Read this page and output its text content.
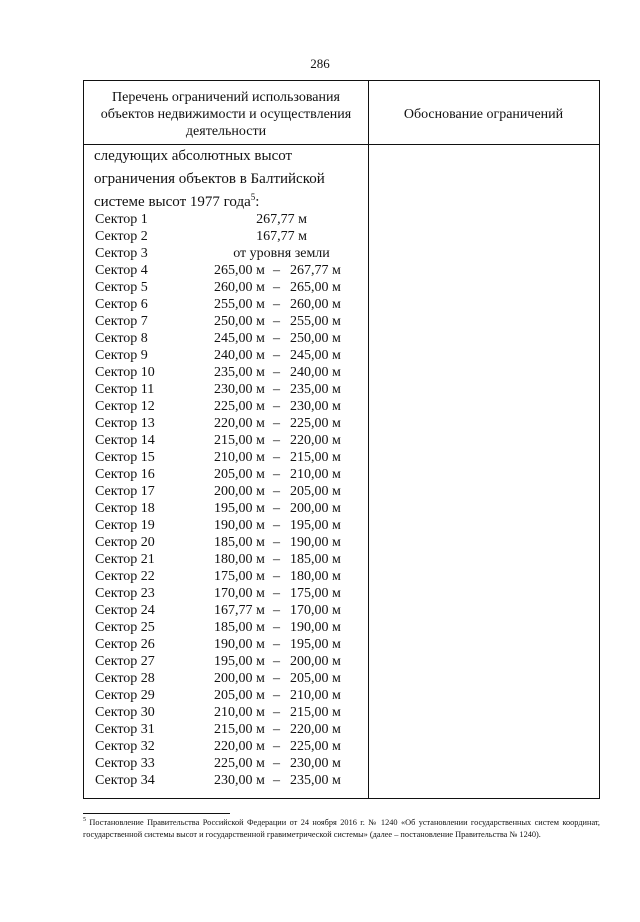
286
Перечень ограничений использования объектов недвижимости и осуществления деятельности
Обоснование ограничений
следующих абсолютных высот ограничения объектов в Балтийской системе высот 1977 года$^5$:
Сектор 1	267,77 м
Сектор 2	167,77 м
Сектор 3	от уровня земли
Сектор 4	265,00 м – 267,77 м
Сектор 5	260,00 м – 265,00 м
Сектор 6	255,00 м – 260,00 м
Сектор 7	250,00 м – 255,00 м
Сектор 8	245,00 м – 250,00 м
Сектор 9	240,00 м – 245,00 м
Сектор 10	235,00 м – 240,00 м
Сектор 11	230,00 м – 235,00 м
Сектор 12	225,00 м – 230,00 м
Сектор 13	220,00 м – 225,00 м
Сектор 14	215,00 м – 220,00 м
Сектор 15	210,00 м – 215,00 м
Сектор 16	205,00 м – 210,00 м
Сектор 17	200,00 м – 205,00 м
Сектор 18	195,00 м – 200,00 м
Сектор 19	190,00 м – 195,00 м
Сектор 20	185,00 м – 190,00 м
Сектор 21	180,00 м – 185,00 м
Сектор 22	175,00 м – 180,00 м
Сектор 23	170,00 м – 175,00 м
Сектор 24	167,77 м – 170,00 м
Сектор 25	185,00 м – 190,00 м
Сектор 26	190,00 м – 195,00 м
Сектор 27	195,00 м – 200,00 м
Сектор 28	200,00 м – 205,00 м
Сектор 29	205,00 м – 210,00 м
Сектор 30	210,00 м – 215,00 м
Сектор 31	215,00 м – 220,00 м
Сектор 32	220,00 м – 225,00 м
Сектор 33	225,00 м – 230,00 м
Сектор 34	230,00 м – 235,00 м
$^5$ Постановление Правительства Российской Федерации от 24 ноября 2016 г. № 1240 «Об установлении государственных систем координат, государственной системы высот и государственной гравиметрической системы» (далее – постановление Правительства № 1240).
